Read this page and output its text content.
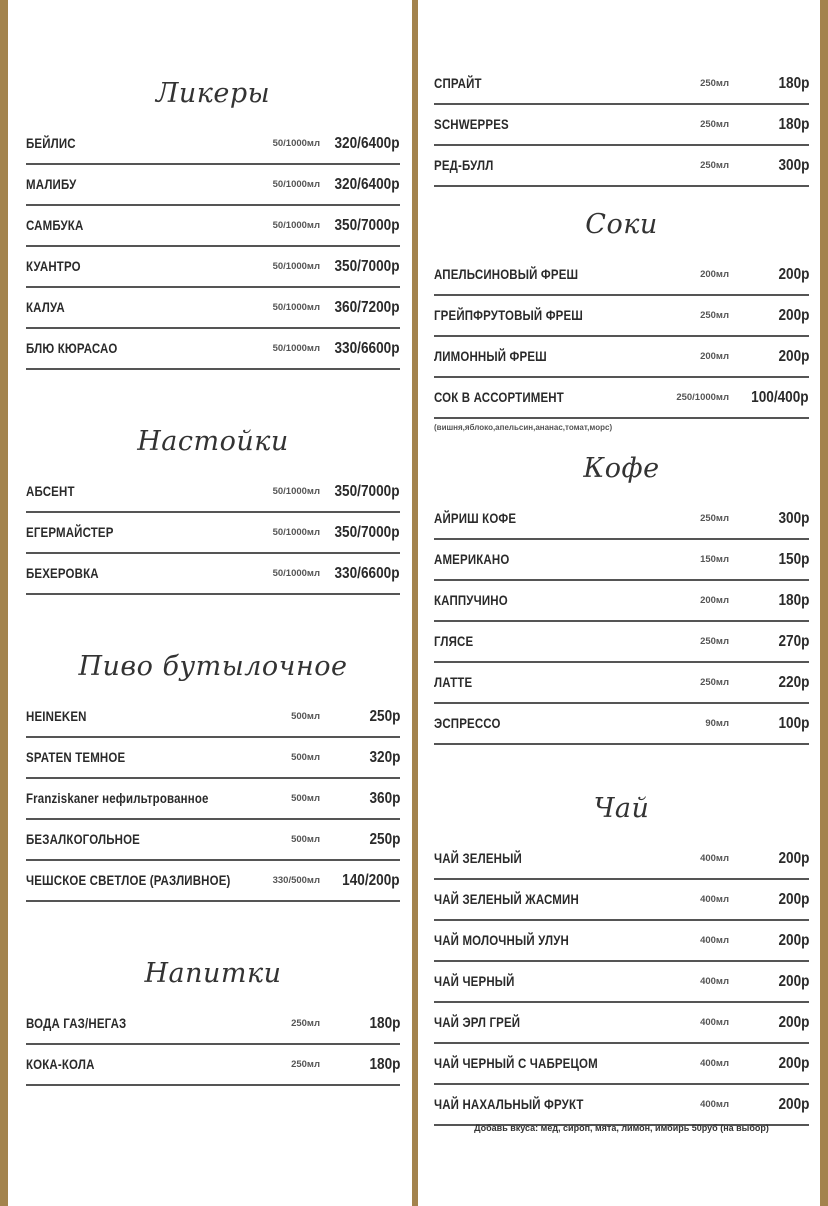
Ликеры
БЕЙЛИС	50/1000мл 320/6400р
МАЛИБУ	50/1000мл 320/6400р
САМБУКА	50/1000мл 350/7000р
КУАНТРО	50/1000мл 350/7000р
КАЛУА	50/1000мл 360/7200р
БЛЮ КЮРАСАО	50/1000мл 330/6600р
Настойки
АБСЕНТ	50/1000мл 350/7000р
ЕГЕРМАЙСТЕР	50/1000мл 350/7000р
БЕХЕРОВКА	50/1000мл 330/6600р
Пиво бутылочное
HEINEKEN	500мл	250р
SPATEN ТЕМНОЕ	500мл	320р
Franziskaner нефильтрованное	500мл	360р
БЕЗАЛКОГОЛЬНОЕ	500мл	250р
ЧЕШСКОЕ СВЕТЛОЕ (РАЗЛИВНОЕ)	330/500мл 140/200р
Напитки
ВОДА ГАЗ/НЕГАЗ	250мл	180р
КОКА-КОЛА	250мл	180р
СПРАЙТ	250мл	180р
SCHWEPPES	250мл	180р
РЕД-БУЛЛ	250мл	300р
Соки
АПЕЛЬСИНОВЫЙ ФРЕШ	200мл	200р
ГРЕЙПФРУТОВЫЙ ФРЕШ	250мл	200р
ЛИМОННЫЙ ФРЕШ	200мл	200р
СОК В АССОРТИМЕНТ	250/1000мл 100/400р
(вишня,яблоко,апельсин,ананас,томат,морс)
Кофе
АЙРИШ КОФЕ	250мл	300р
АМЕРИКАНО	150мл	150р
КАППУЧИНО	200мл	180р
ГЛЯСЕ	250мл	270р
ЛАТТЕ	250мл	220р
ЭСПРЕССО	90мл	100р
Чай
ЧАЙ ЗЕЛЕНЫЙ	400мл	200р
ЧАЙ ЗЕЛЕНЫЙ ЖАСМИН	400мл	200р
ЧАЙ МОЛОЧНЫЙ УЛУН	400мл	200р
ЧАЙ ЧЕРНЫЙ	400мл	200р
ЧАЙ ЭРЛ ГРЕЙ	400мл	200р
ЧАЙ ЧЕРНЫЙ С ЧАБРЕЦОМ	400мл	200р
ЧАЙ НАХАЛЬНЫЙ ФРУКТ	400мл	200р
Добавь вкуса: мед, сироп, мята, лимон, имбирь 50руб (на выбор)
